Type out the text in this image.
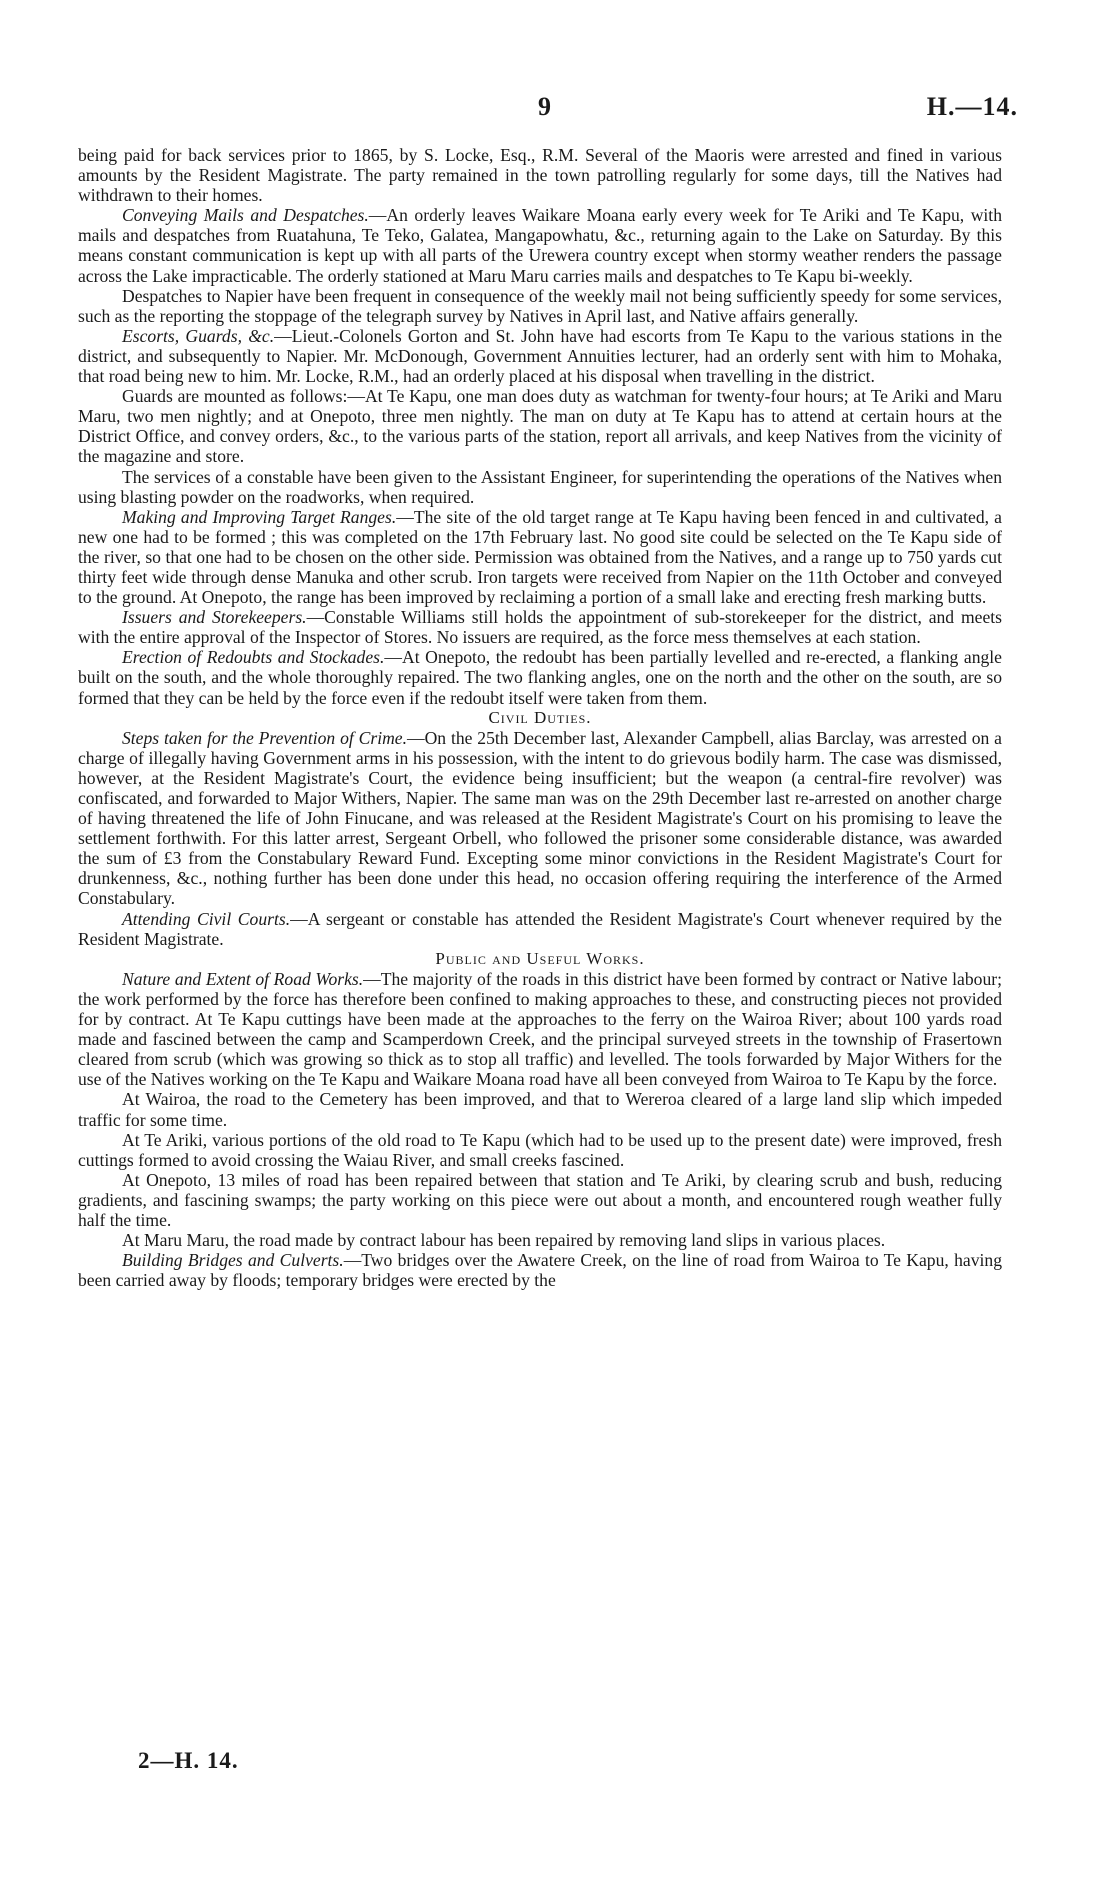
9	H.—14.

being paid for back services prior to 1865, by S. Locke, Esq., R.M. Several of the Maoris were arrested and fined in various amounts by the Resident Magistrate. The party remained in the town patrolling regularly for some days, till the Natives had withdrawn to their homes.

Conveying Mails and Despatches.—An orderly leaves Waikare Moana early every week for Te Ariki and Te Kapu, with mails and despatches from Ruatahuna, Te Teko, Galatea, Mangapowhatu, &c., returning again to the Lake on Saturday. By this means constant communication is kept up with all parts of the Urewera country except when stormy weather renders the passage across the Lake impracticable. The orderly stationed at Maru Maru carries mails and despatches to Te Kapu bi-weekly.

Despatches to Napier have been frequent in consequence of the weekly mail not being sufficiently speedy for some services, such as the reporting the stoppage of the telegraph survey by Natives in April last, and Native affairs generally.

Escorts, Guards, &c.—Lieut.-Colonels Gorton and St. John have had escorts from Te Kapu to the various stations in the district, and subsequently to Napier. Mr. McDonough, Government Annuities lecturer, had an orderly sent with him to Mohaka, that road being new to him. Mr. Locke, R.M., had an orderly placed at his disposal when travelling in the district.

Guards are mounted as follows:—At Te Kapu, one man does duty as watchman for twenty-four hours; at Te Ariki and Maru Maru, two men nightly; and at Onepoto, three men nightly. The man on duty at Te Kapu has to attend at certain hours at the District Office, and convey orders, &c., to the various parts of the station, report all arrivals, and keep Natives from the vicinity of the magazine and store.

The services of a constable have been given to the Assistant Engineer, for superintending the operations of the Natives when using blasting powder on the roadworks, when required.

Making and Improving Target Ranges.—The site of the old target range at Te Kapu having been fenced in and cultivated, a new one had to be formed ; this was completed on the 17th February last. No good site could be selected on the Te Kapu side of the river, so that one had to be chosen on the other side. Permission was obtained from the Natives, and a range up to 750 yards cut thirty feet wide through dense Manuka and other scrub. Iron targets were received from Napier on the 11th October and conveyed to the ground. At Onepoto, the range has been improved by reclaiming a portion of a small lake and erecting fresh marking butts.

Issuers and Storekeepers.—Constable Williams still holds the appointment of sub-storekeeper for the district, and meets with the entire approval of the Inspector of Stores. No issuers are required, as the force mess themselves at each station.

Erection of Redoubts and Stockades.—At Onepoto, the redoubt has been partially levelled and re-erected, a flanking angle built on the south, and the whole thoroughly repaired. The two flanking angles, one on the north and the other on the south, are so formed that they can be held by the force even if the redoubt itself were taken from them.

Civil Duties.

Steps taken for the Prevention of Crime.—On the 25th December last, Alexander Campbell, alias Barclay, was arrested on a charge of illegally having Government arms in his possession, with the intent to do grievous bodily harm. The case was dismissed, however, at the Resident Magistrate's Court, the evidence being insufficient; but the weapon (a central-fire revolver) was confiscated, and forwarded to Major Withers, Napier. The same man was on the 29th December last re-arrested on another charge of having threatened the life of John Finucane, and was released at the Resident Magistrate's Court on his promising to leave the settlement forthwith. For this latter arrest, Sergeant Orbell, who followed the prisoner some considerable distance, was awarded the sum of £3 from the Constabulary Reward Fund. Excepting some minor convictions in the Resident Magistrate's Court for drunkenness, &c., nothing further has been done under this head, no occasion offering requiring the interference of the Armed Constabulary.

Attending Civil Courts.—A sergeant or constable has attended the Resident Magistrate's Court whenever required by the Resident Magistrate.

Public and Useful Works.

Nature and Extent of Road Works.—The majority of the roads in this district have been formed by contract or Native labour; the work performed by the force has therefore been confined to making approaches to these, and constructing pieces not provided for by contract. At Te Kapu cuttings have been made at the approaches to the ferry on the Wairoa River; about 100 yards road made and fascined between the camp and Scamperdown Creek, and the principal surveyed streets in the township of Frasertown cleared from scrub (which was growing so thick as to stop all traffic) and levelled. The tools forwarded by Major Withers for the use of the Natives working on the Te Kapu and Waikare Moana road have all been conveyed from Wairoa to Te Kapu by the force.

At Wairoa, the road to the Cemetery has been improved, and that to Wereroa cleared of a large land slip which impeded traffic for some time.

At Te Ariki, various portions of the old road to Te Kapu (which had to be used up to the present date) were improved, fresh cuttings formed to avoid crossing the Waiau River, and small creeks fascined.

At Onepoto, 13 miles of road has been repaired between that station and Te Ariki, by clearing scrub and bush, reducing gradients, and fascining swamps; the party working on this piece were out about a month, and encountered rough weather fully half the time.

At Maru Maru, the road made by contract labour has been repaired by removing land slips in various places.

Building Bridges and Culverts.—Two bridges over the Awatere Creek, on the line of road from Wairoa to Te Kapu, having been carried away by floods; temporary bridges were erected by the

2—H. 14.
